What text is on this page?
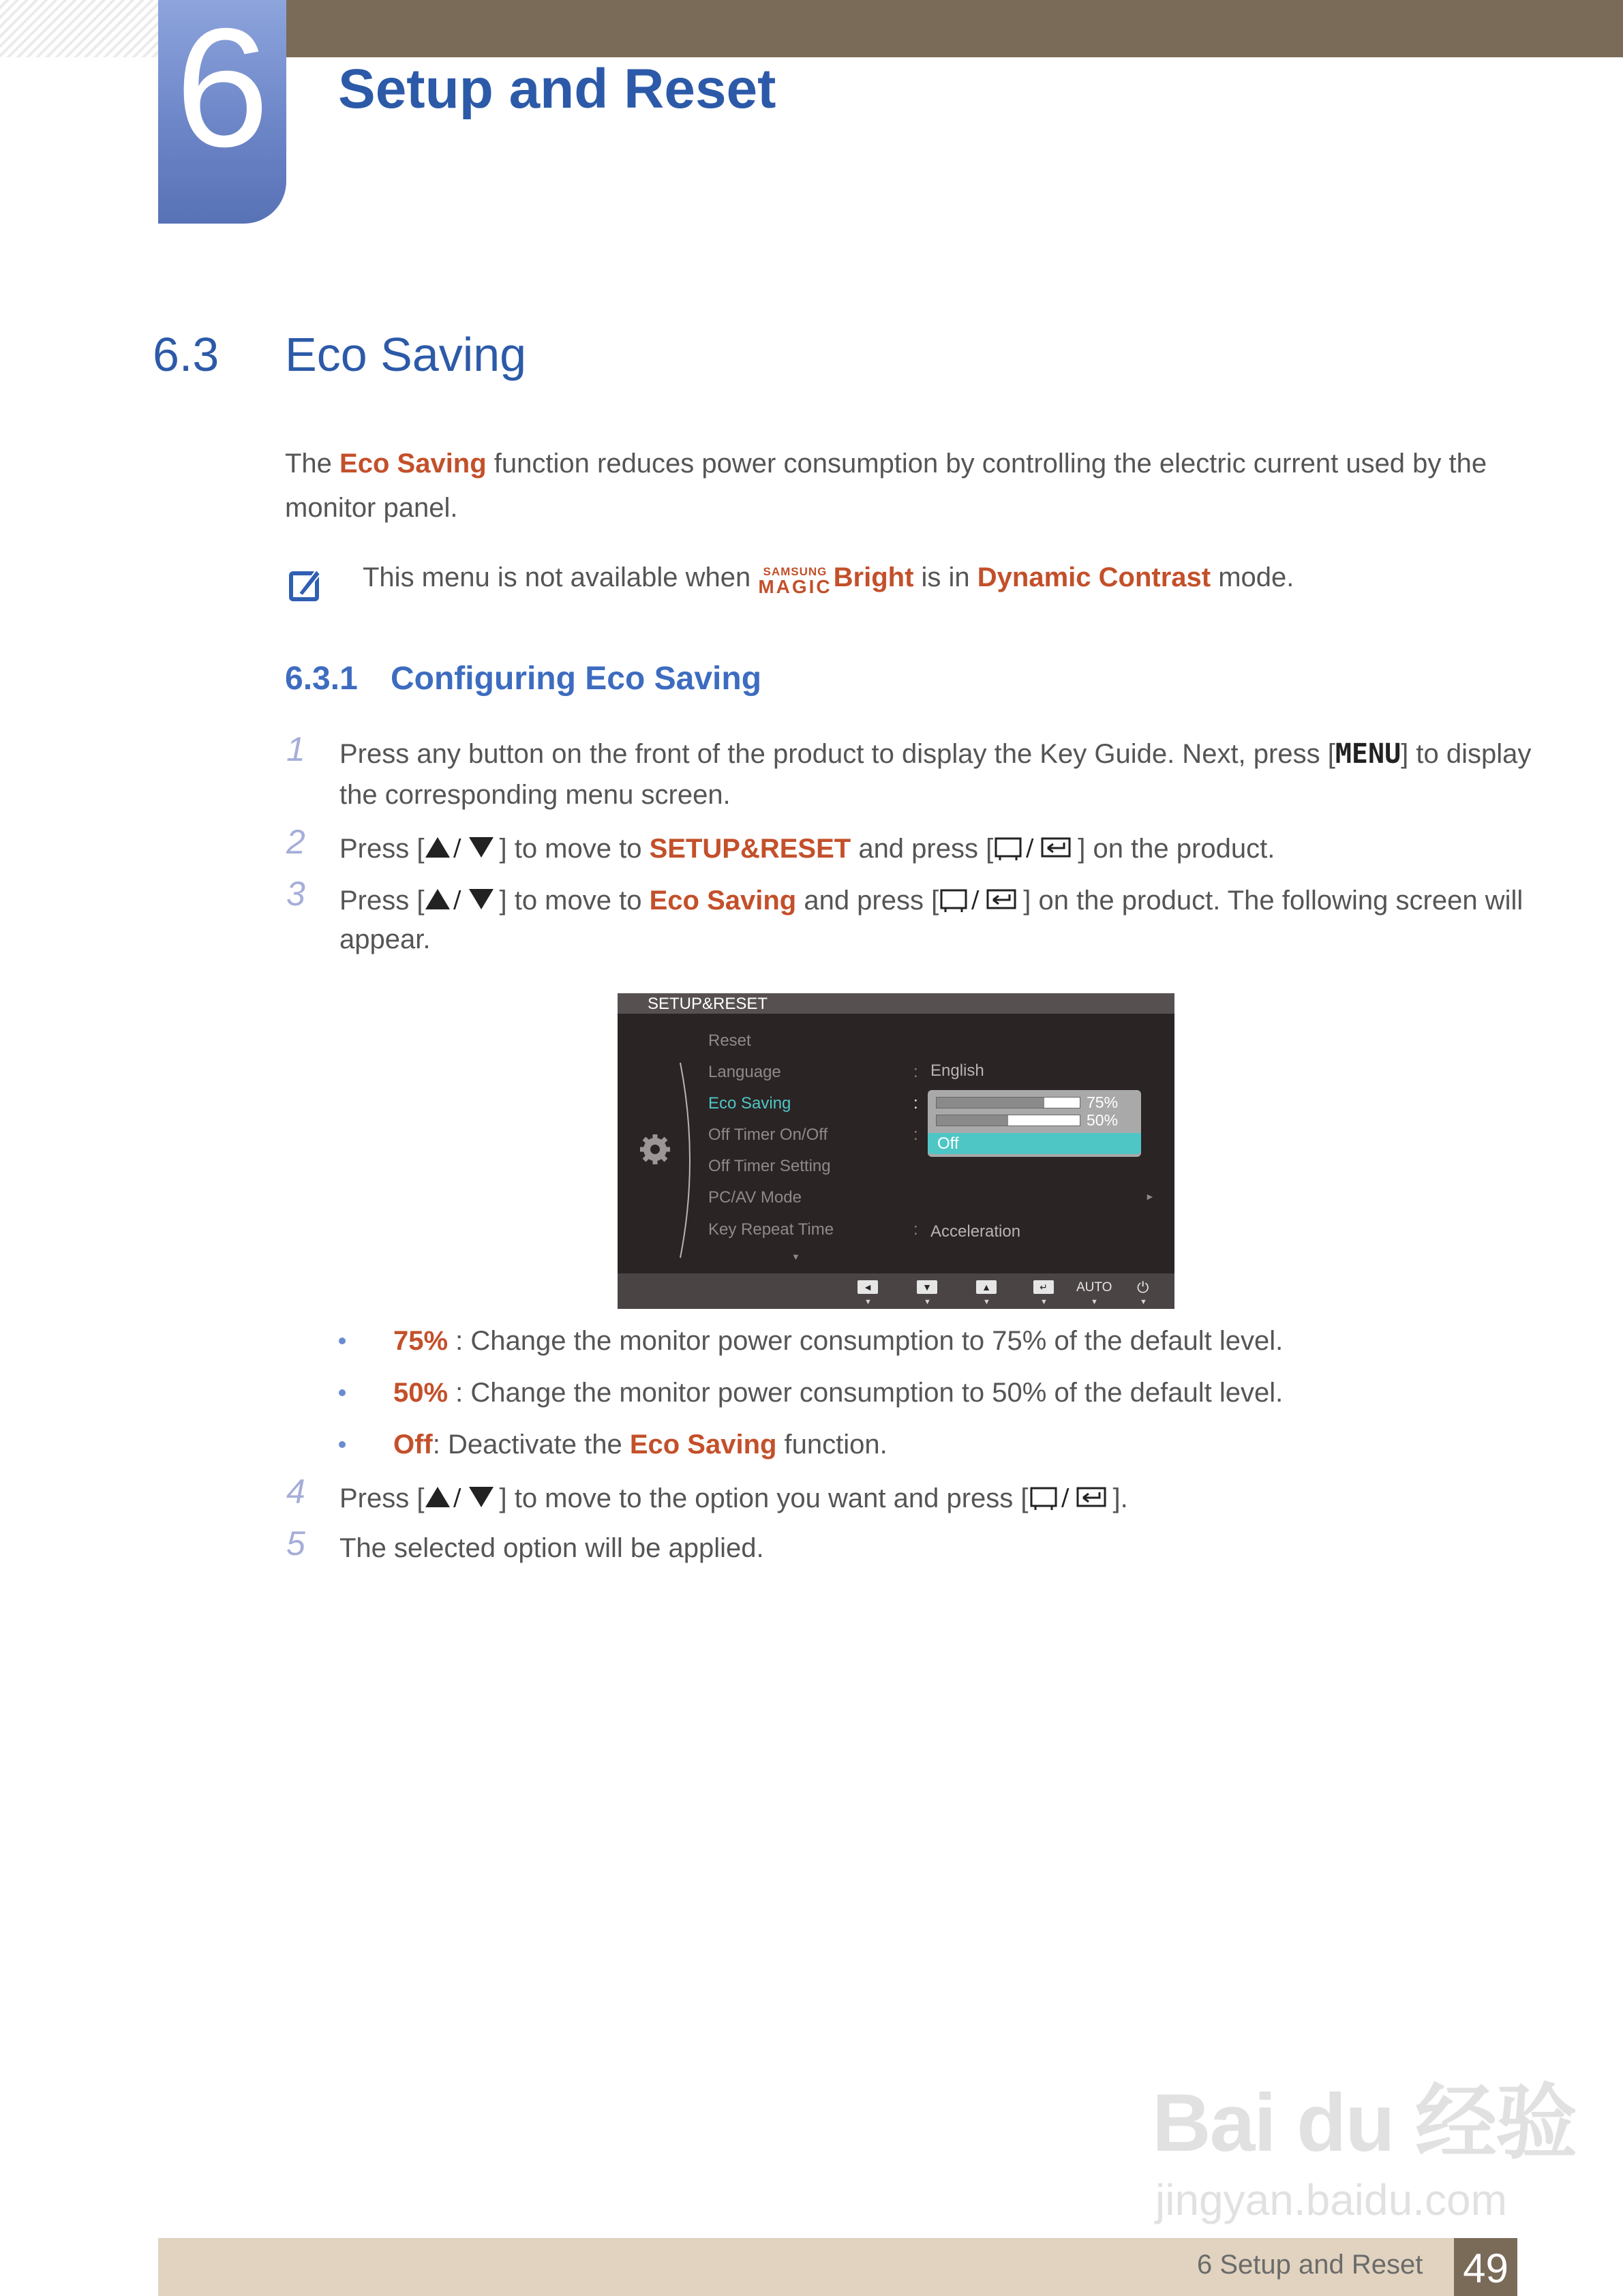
6	Setup and Reset
6.3 Eco Saving
The Eco Saving function reduces power consumption by controlling the electric current used by the
monitor panel.
This menu is not available when SAMSUNG
MAGIC Bright is in Dynamic Contrast mode.
6.3.1 Configuring Eco Saving
1 Press any button on the front of the product to display the Key Guide. Next, press [MENU] to display
the corresponding menu screen.
2 Press [ / ] to move to SETUP&RESET and press [ / ] on the product.
3 Press [ / ] to move to Eco Saving and press [ / ] on the product. The following screen will
appear.
SETUP&RESET
Reset
Language	: English
Eco Saving	:
Off Timer On/Off	:
Off Timer Setting
PC/AV Mode	►
Key Repeat Time	: Acceleration
▼
75%
50%
Off
◄
▼
▼
▼
▲
▼
↵
▼
AUTO
▼
⏻
▼
75% : Change the monitor power consumption to 75% of the default level.
50% : Change the monitor power consumption to 50% of the default level.
Off: Deactivate the Eco Saving function.
4 Press [ / ] to move to the option you want and press [ / ].
5 The selected option will be applied.
Bai du 经验
jingyan.baidu.com
6 Setup and Reset 49
